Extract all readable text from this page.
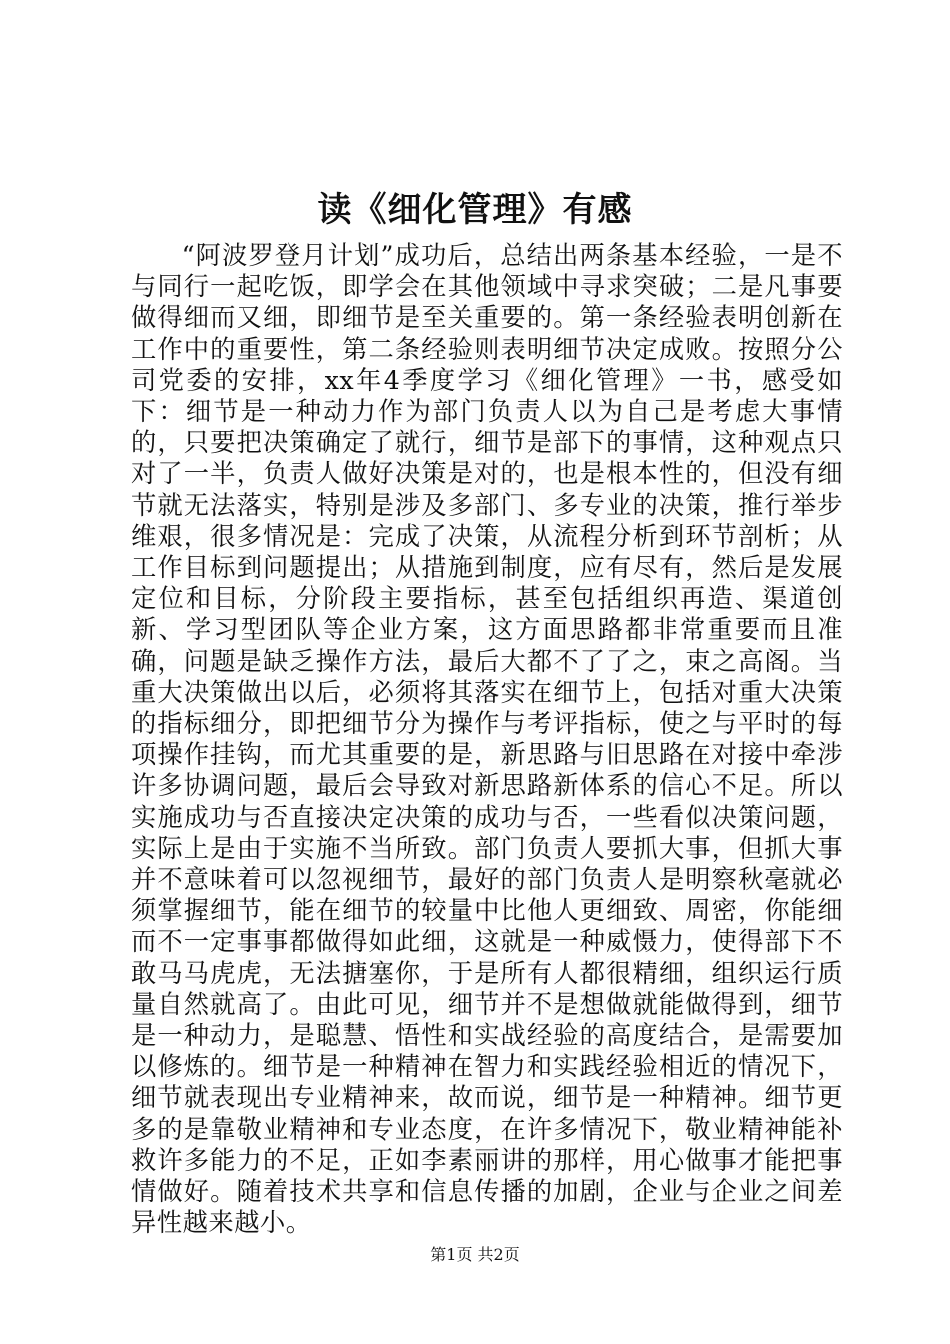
读《细化管理》有感

“阿波罗登月计划”成功后，总结出两条基本经验，一是不与同行一起吃饭，即学会在其他领域中寻求突破；二是凡事要做得细而又细，即细节是至关重要的。第一条经验表明创新在工作中的重要性，第二条经验则表明细节决定成败。按照分公司党委的安排，xx年4季度学习《细化管理》一书，感受如下：细节是一种动力作为部门负责人以为自己是考虑大事情的，只要把决策确定了就行，细节是部下的事情，这种观点只对了一半，负责人做好决策是对的，也是根本性的，但没有细节就无法落实，特别是涉及多部门、多专业的决策，推行举步维艰，很多情况是：完成了决策，从流程分析到环节剖析；从工作目标到问题提出；从措施到制度，应有尽有，然后是发展定位和目标，分阶段主要指标，甚至包括组织再造、渠道创新、学习型团队等企业方案，这方面思路都非常重要而且准确，问题是缺乏操作方法，最后大都不了了之，束之高阁。当重大决策做出以后，必须将其落实在细节上，包括对重大决策的指标细分，即把细节分为操作与考评指标，使之与平时的每项操作挂钩，而尤其重要的是，新思路与旧思路在对接中牵涉许多协调问题，最后会导致对新思路新体系的信心不足。所以实施成功与否直接决定决策的成功与否，一些看似决策问题，实际上是由于实施不当所致。部门负责人要抓大事，但抓大事并不意味着可以忽视细节，最好的部门负责人是明察秋毫就必须掌握细节，能在细节的较量中比他人更细致、周密，你能细而不一定事事都做得如此细，这就是一种威慑力，使得部下不敢马马虎虎，无法搪塞你，于是所有人都很精细，组织运行质量自然就高了。由此可见，细节并不是想做就能做得到，细节是一种动力，是聪慧、悟性和实战经验的高度结合，是需要加以修炼的。细节是一种精神在智力和实践经验相近的情况下，细节就表现出专业精神来，故而说，细节是一种精神。细节更多的是靠敬业精神和专业态度，在许多情况下，敬业精神能补救许多能力的不足，正如李素丽讲的那样，用心做事才能把事情做好。随着技术共享和信息传播的加剧，企业与企业之间差异性越来越小。

第1页 共2页
